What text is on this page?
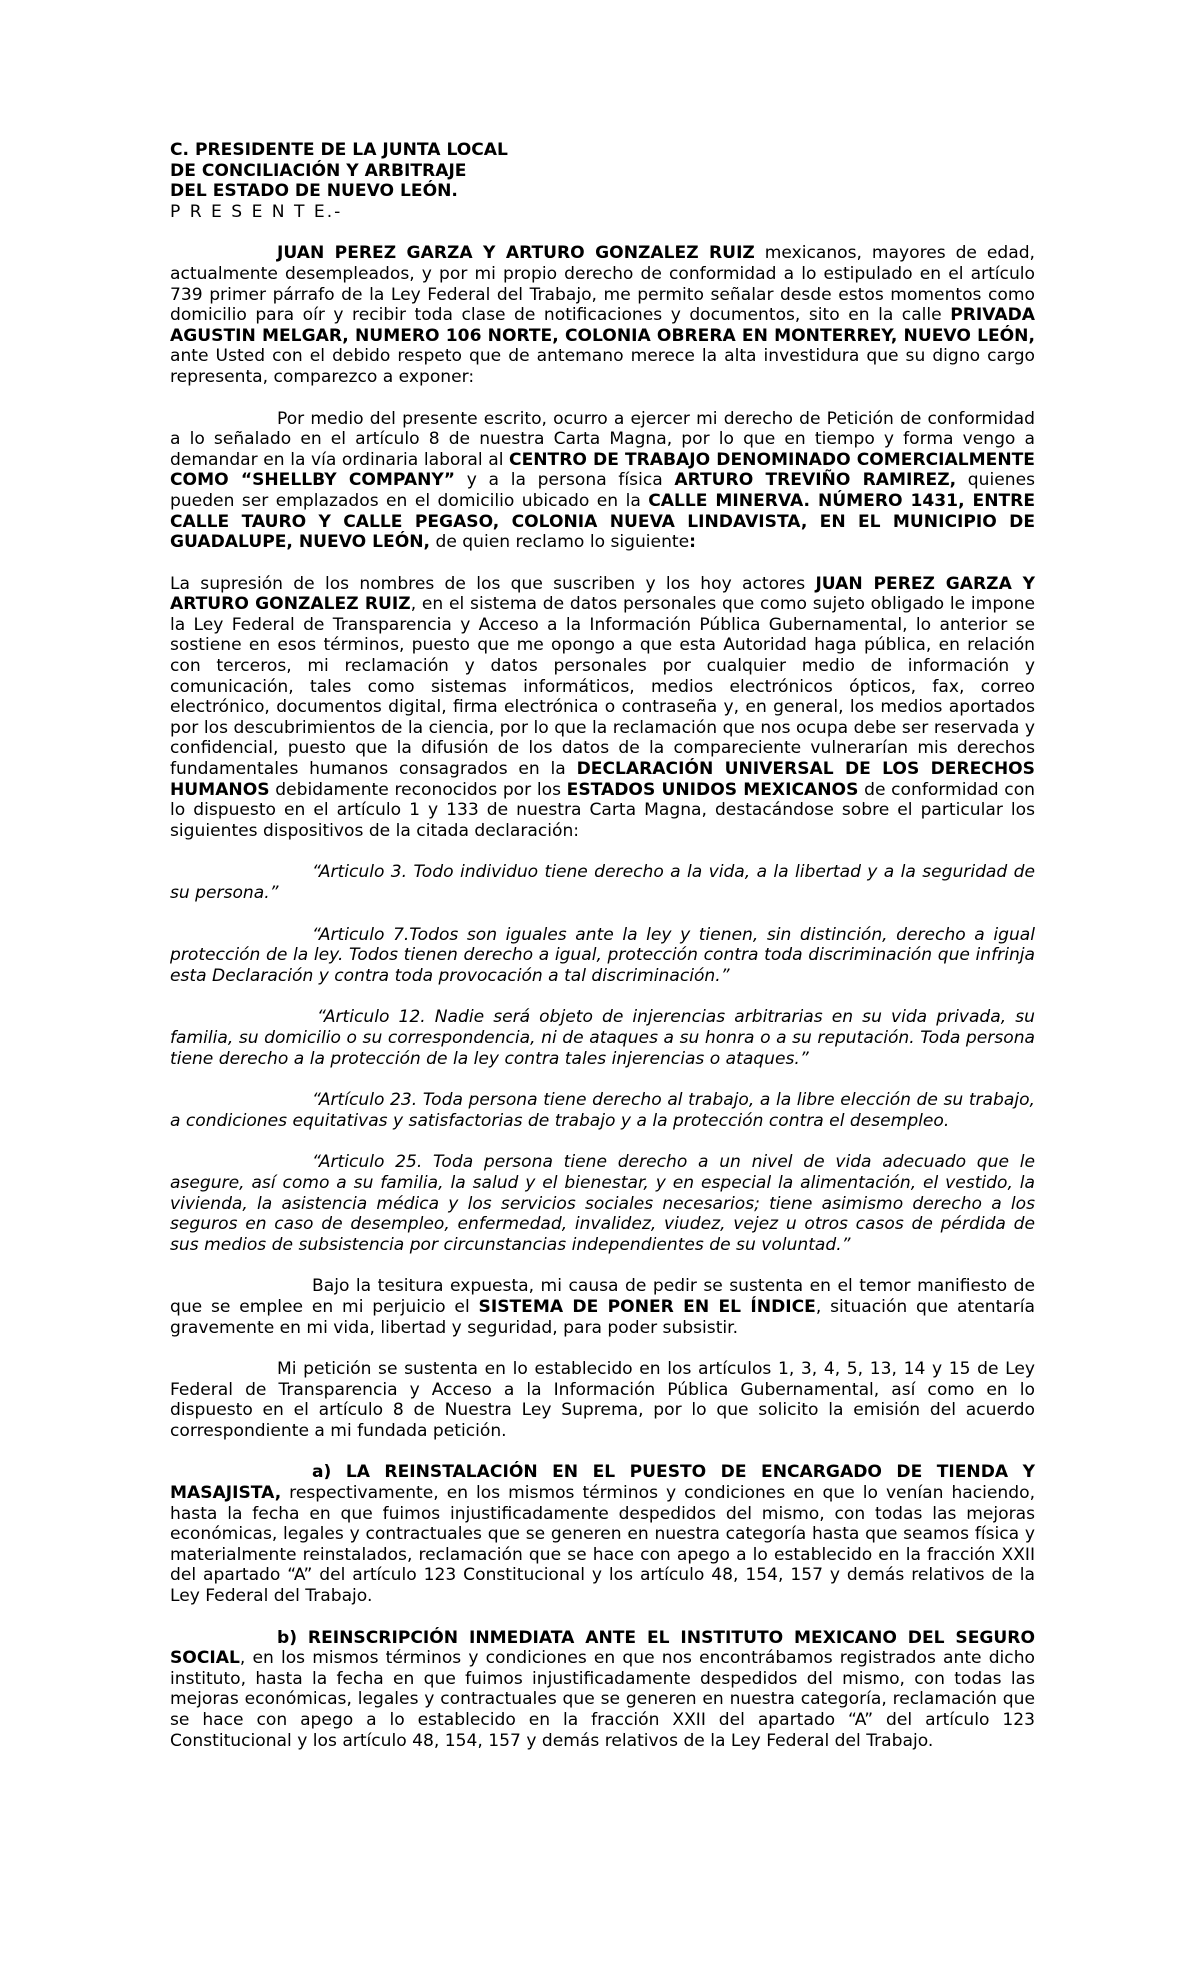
C. PRESIDENTE DE LA JUNTA LOCAL
DE CONCILIACIÓN Y ARBITRAJE
DEL ESTADO DE NUEVO LEÓN.
P R E S E N T E.-

JUAN PEREZ GARZA Y ARTURO GONZALEZ RUIZ mexicanos, mayores de edad, actualmente desempleados, y por mi propio derecho de conformidad a lo estipulado en el artículo 739 primer párrafo de la Ley Federal del Trabajo, me permito señalar desde estos momentos como domicilio para oír y recibir toda clase de notificaciones y documentos, sito en la calle PRIVADA AGUSTIN MELGAR, NUMERO 106 NORTE, COLONIA OBRERA EN MONTERREY, NUEVO LEÓN, ante Usted con el debido respeto que de antemano merece la alta investidura que su digno cargo representa, comparezco a exponer:

Por medio del presente escrito, ocurro a ejercer mi derecho de Petición de conformidad a lo señalado en el artículo 8 de nuestra Carta Magna, por lo que en tiempo y forma vengo a demandar en la vía ordinaria laboral al CENTRO DE TRABAJO DENOMINADO COMERCIALMENTE COMO “SHELLBY COMPANY” y a la persona física ARTURO TREVIÑO RAMIREZ, quienes pueden ser emplazados en el domicilio ubicado en la CALLE MINERVA. NÚMERO 1431, ENTRE CALLE TAURO Y CALLE PEGASO, COLONIA NUEVA LINDAVISTA, EN EL MUNICIPIO DE GUADALUPE, NUEVO LEÓN, de quien reclamo lo siguiente:

La supresión de los nombres de los que suscriben y los hoy actores JUAN PEREZ GARZA Y ARTURO GONZALEZ RUIZ, en el sistema de datos personales que como sujeto obligado le impone la Ley Federal de Transparencia y Acceso a la Información Pública Gubernamental, lo anterior se sostiene en esos términos, puesto que me opongo a que esta Autoridad haga pública, en relación con terceros, mi reclamación y datos personales por cualquier medio de información y comunicación, tales como sistemas informáticos, medios electrónicos ópticos, fax, correo electrónico, documentos digital, firma electrónica o contraseña y, en general, los medios aportados por los descubrimientos de la ciencia, por lo que la reclamación que nos ocupa debe ser reservada y confidencial, puesto que la difusión de los datos de la compareciente vulnerarían mis derechos fundamentales humanos consagrados en la DECLARACIÓN UNIVERSAL DE LOS DERECHOS HUMANOS debidamente reconocidos por los ESTADOS UNIDOS MEXICANOS de conformidad con lo dispuesto en el artículo 1 y 133 de nuestra Carta Magna, destacándose sobre el particular los siguientes dispositivos de la citada declaración:

“Articulo 3. Todo individuo tiene derecho a la vida, a la libertad y a la seguridad de su persona.”

“Articulo 7.Todos son iguales ante la ley y tienen, sin distinción, derecho a igual protección de la ley. Todos tienen derecho a igual, protección contra toda discriminación que infrinja esta Declaración y contra toda provocación a tal discriminación.”

“Articulo 12. Nadie será objeto de injerencias arbitrarias en su vida privada, su familia, su domicilio o su correspondencia, ni de ataques a su honra o a su reputación. Toda persona tiene derecho a la protección de la ley contra tales injerencias o ataques.”

“Artículo 23. Toda persona tiene derecho al trabajo, a la libre elección de su trabajo, a condiciones equitativas y satisfactorias de trabajo y a la protección contra el desempleo.

“Articulo 25. Toda persona tiene derecho a un nivel de vida adecuado que le asegure, así como a su familia, la salud y el bienestar, y en especial la alimentación, el vestido, la vivienda, la asistencia médica y los servicios sociales necesarios; tiene asimismo derecho a los seguros en caso de desempleo, enfermedad, invalidez, viudez, vejez u otros casos de pérdida de sus medios de subsistencia por circunstancias independientes de su voluntad.”

Bajo la tesitura expuesta, mi causa de pedir se sustenta en el temor manifiesto de que se emplee en mi perjuicio el SISTEMA DE PONER EN EL ÍNDICE, situación que atentaría gravemente en mi vida, libertad y seguridad, para poder subsistir.

Mi petición se sustenta en lo establecido en los artículos 1, 3, 4, 5, 13, 14 y 15 de Ley Federal de Transparencia y Acceso a la Información Pública Gubernamental, así como en lo dispuesto en el artículo 8 de Nuestra Ley Suprema, por lo que solicito la emisión del acuerdo correspondiente a mi fundada petición.

a) LA REINSTALACIÓN EN EL PUESTO DE ENCARGADO DE TIENDA Y MASAJISTA, respectivamente, en los mismos términos y condiciones en que lo venían haciendo, hasta la fecha en que fuimos injustificadamente despedidos del mismo, con todas las mejoras económicas, legales y contractuales que se generen en nuestra categoría hasta que seamos física y materialmente reinstalados, reclamación que se hace con apego a lo establecido en la fracción XXII del apartado “A” del artículo 123 Constitucional y los artículo 48, 154, 157 y demás relativos de la Ley Federal del Trabajo.

b) REINSCRIPCIÓN INMEDIATA ANTE EL INSTITUTO MEXICANO DEL SEGURO SOCIAL, en los mismos términos y condiciones en que nos encontrábamos registrados ante dicho instituto, hasta la fecha en que fuimos injustificadamente despedidos del mismo, con todas las mejoras económicas, legales y contractuales que se generen en nuestra categoría, reclamación que se hace con apego a lo establecido en la fracción XXII del apartado “A” del artículo 123 Constitucional y los artículo 48, 154, 157 y demás relativos de la Ley Federal del Trabajo.
